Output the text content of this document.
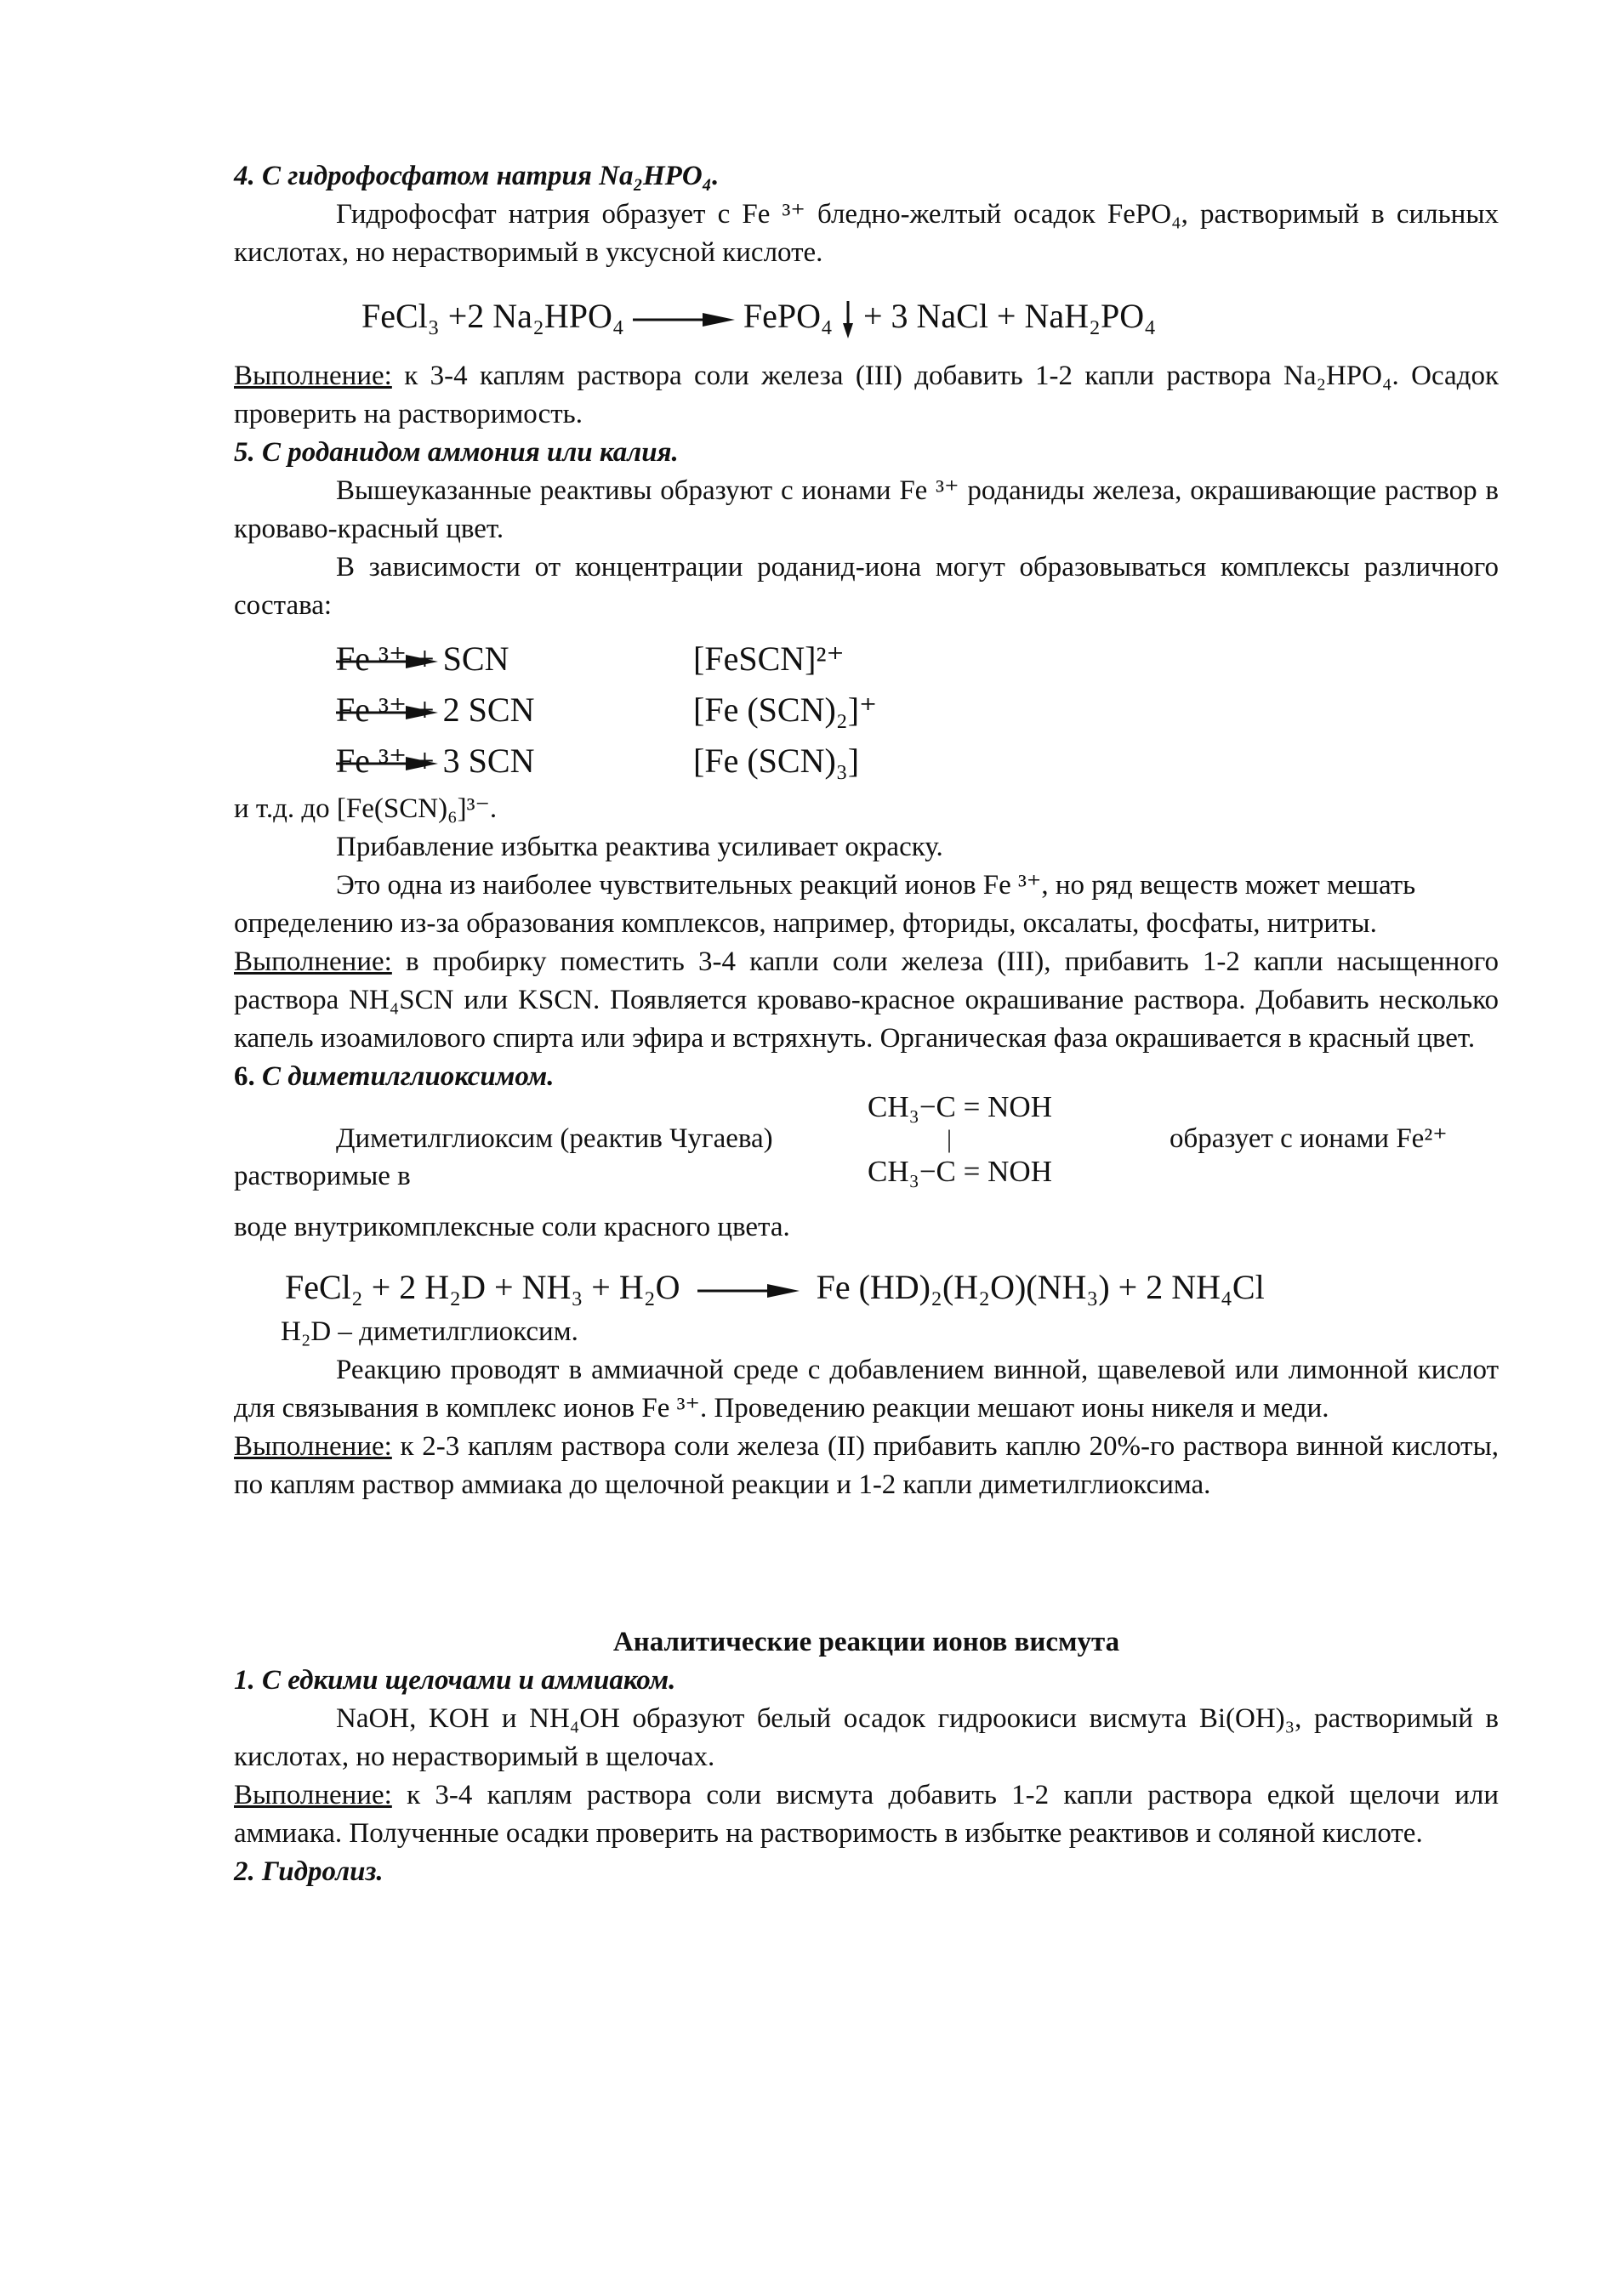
4. С гидрофосфатом натрия Na₂HPO₄.

Гидрофосфат натрия образует с Fe ³⁺ бледно-желтый осадок FePO₄, растворимый в сильных кислотах, но нерастворимый в уксусной кислоте.

FeCl₃ +2 Na₂HPO₄ → FePO₄ + 3 NaCl + NaH₂PO₄

Выполнение: к 3-4 каплям раствора соли железа (III) добавить 1-2 капли раствора Na₂HPO₄. Осадок проверить на растворимость.

5. С роданидом аммония или калия.

Вышеуказанные реактивы образуют с ионами Fe ³⁺ роданиды железа, окрашивающие раствор в кроваво-красный цвет.

В зависимости от концентрации роданид-иона могут образовываться комплексы различного состава:

Fe ³⁺ + SCN	[FeSCN]²⁺
Fe ³⁺ + 2 SCN	[Fe (SCN)₂]⁺
Fe ³⁺ + 3 SCN	[Fe (SCN)₃]

и т.д. до [Fe(SCN)₆]³⁻.

Прибавление избытка реактива усиливает окраску.

Это одна из наиболее чувствительных реакций ионов Fe ³⁺, но ряд веществ может мешать определению из-за образования комплексов, например, фториды, оксалаты, фосфаты, нитриты.

Выполнение: в пробирку поместить 3-4 капли соли железа (III), прибавить 1-2 капли насыщенного раствора NH₄SCN или KSCN. Появляется кроваво-красное окрашивание раствора. Добавить несколько капель изоамилового спирта или эфира и встряхнуть. Органическая фаза окрашивается в красный цвет.

6. С диметилглиоксимом.

Диметилглиоксим (реактив Чугаева)
CH₃−C = NOH
|
CH₃−C = NOH
образует с ионами Fe²⁺
растворимые в

воде внутрикомплексные соли красного цвета.

FeCl₂ + 2 H₂D + NH₃ + H₂O → Fe (HD)₂(H₂O)(NH₃) + 2 NH₄Cl

H₂D – диметилглиоксим.

Реакцию проводят в аммиачной среде с добавлением винной, щавелевой или лимонной кислот для связывания в комплекс ионов Fe ³⁺. Проведению реакции мешают ионы никеля и меди.

Выполнение: к 2-3 каплям раствора соли железа (II) прибавить каплю 20%-го раствора винной кислоты, по каплям раствор аммиака до щелочной реакции и 1-2 капли диметилглиоксима.

Аналитические реакции ионов висмута

1. С едкими щелочами и аммиаком.

NaOH, KOH и NH₄OH образуют белый осадок гидроокиси висмута Bi(OH)₃, растворимый в кислотах, но нерастворимый в щелочах.

Выполнение: к 3-4 каплям раствора соли висмута добавить 1-2 капли раствора едкой щелочи или аммиака. Полученные осадки проверить на растворимость в избытке реактивов и соляной кислоте.

2. Гидролиз.
